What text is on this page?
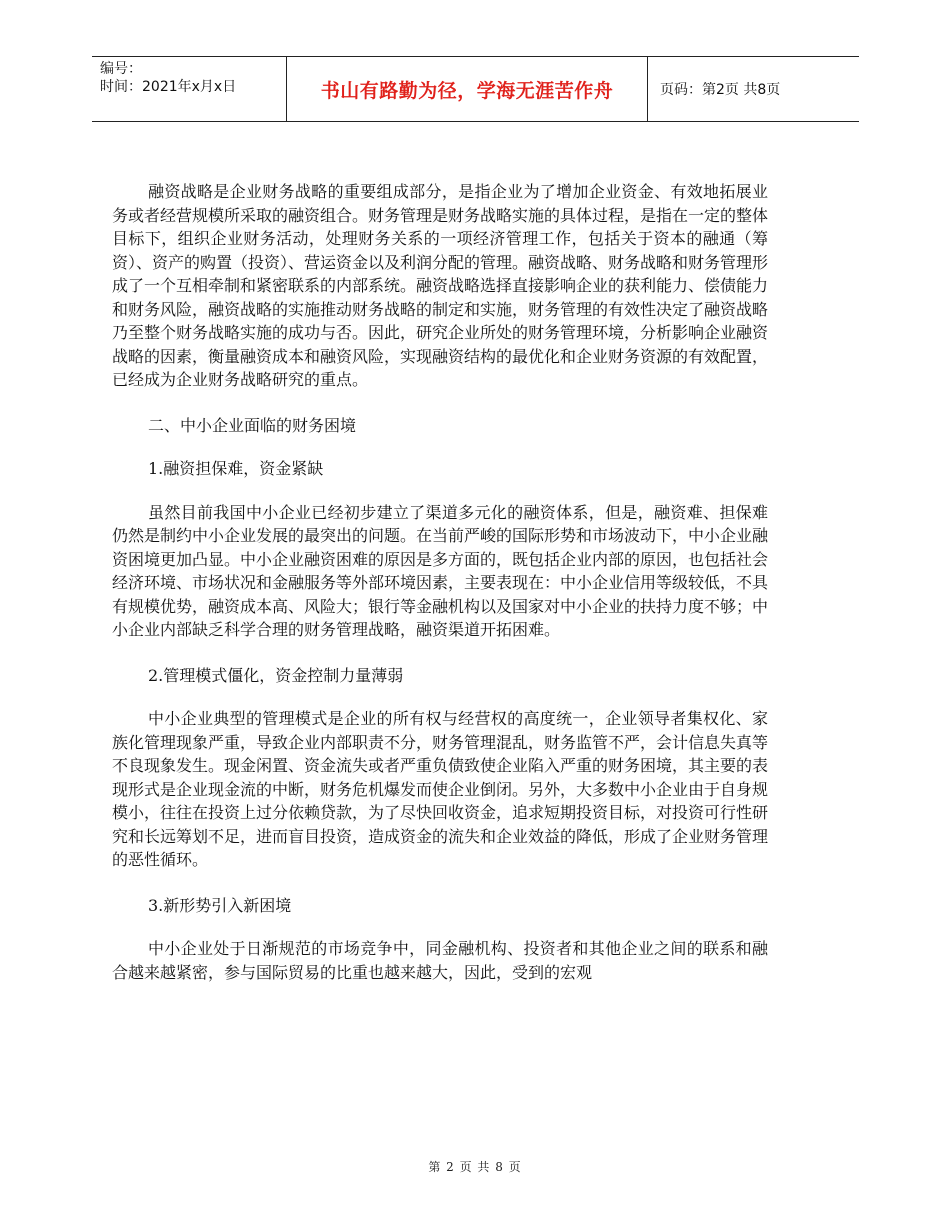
编号：
时间：2021年x月x日	书山有路勤为径，学海无涯苦作舟	页码：第2页 共8页

融资战略是企业财务战略的重要组成部分，是指企业为了增加企业资金、有效地拓展业务或者经营规模所采取的融资组合。财务管理是财务战略实施的具体过程，是指在一定的整体目标下，组织企业财务活动，处理财务关系的一项经济管理工作，包括关于资本的融通（筹资）、资产的购置（投资）、营运资金以及利润分配的管理。融资战略、财务战略和财务管理形成了一个互相牵制和紧密联系的内部系统。融资战略选择直接影响企业的获利能力、偿债能力和财务风险，融资战略的实施推动财务战略的制定和实施，财务管理的有效性决定了融资战略乃至整个财务战略实施的成功与否。因此，研究企业所处的财务管理环境，分析影响企业融资战略的因素，衡量融资成本和融资风险，实现融资结构的最优化和企业财务资源的有效配置，已经成为企业财务战略研究的重点。

二、中小企业面临的财务困境

1.融资担保难，资金紧缺

虽然目前我国中小企业已经初步建立了渠道多元化的融资体系，但是，融资难、担保难仍然是制约中小企业发展的最突出的问题。在当前严峻的国际形势和市场波动下，中小企业融资困境更加凸显。中小企业融资困难的原因是多方面的，既包括企业内部的原因，也包括社会经济环境、市场状况和金融服务等外部环境因素，主要表现在：中小企业信用等级较低，不具有规模优势，融资成本高、风险大；银行等金融机构以及国家对中小企业的扶持力度不够；中小企业内部缺乏科学合理的财务管理战略，融资渠道开拓困难。

2.管理模式僵化，资金控制力量薄弱

中小企业典型的管理模式是企业的所有权与经营权的高度统一，企业领导者集权化、家族化管理现象严重，导致企业内部职责不分，财务管理混乱，财务监管不严，会计信息失真等不良现象发生。现金闲置、资金流失或者严重负债致使企业陷入严重的财务困境，其主要的表现形式是企业现金流的中断，财务危机爆发而使企业倒闭。另外，大多数中小企业由于自身规模小，往往在投资上过分依赖贷款，为了尽快回收资金，追求短期投资目标，对投资可行性研究和长远筹划不足，进而盲目投资，造成资金的流失和企业效益的降低，形成了企业财务管理的恶性循环。

3.新形势引入新困境

中小企业处于日渐规范的市场竞争中，同金融机构、投资者和其他企业之间的联系和融合越来越紧密，参与国际贸易的比重也越来越大，因此，受到的宏观

第 2 页 共 8 页
